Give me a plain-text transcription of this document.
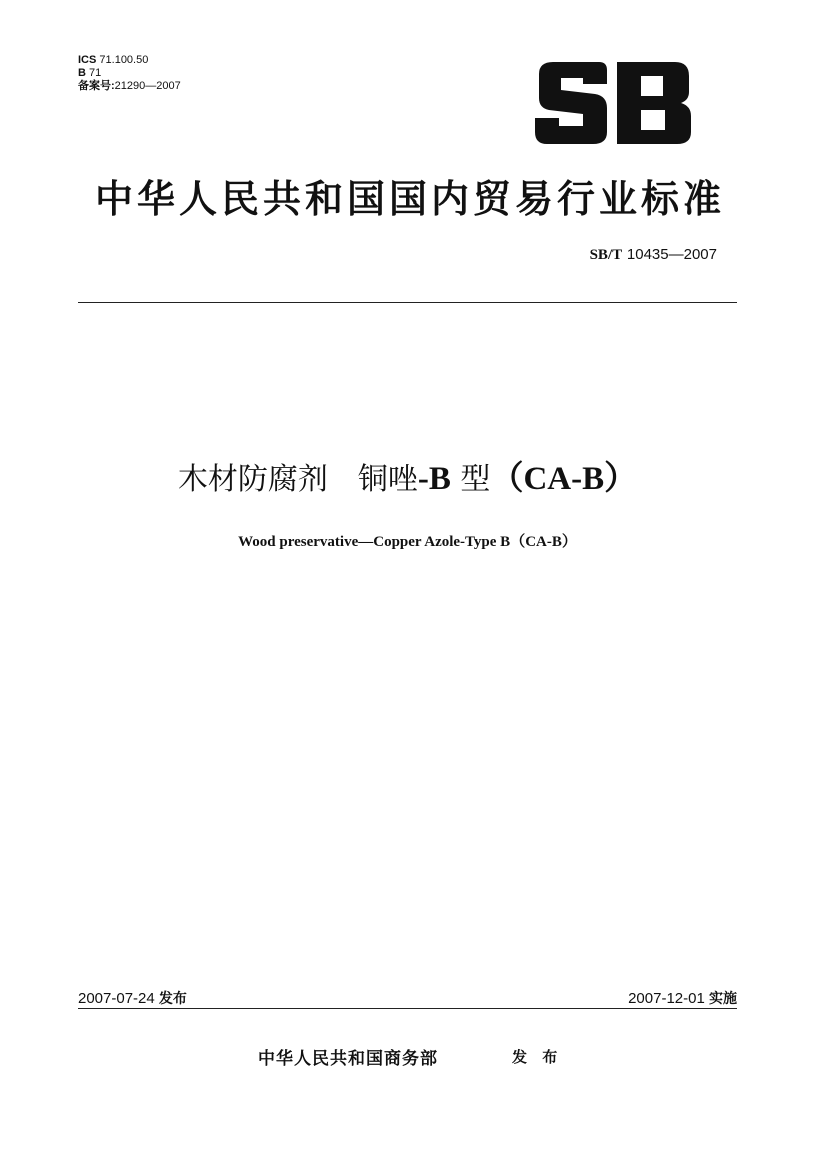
ICS 71.100.50
B 71
备案号:21290—2007
中华人民共和国国内贸易行业标准
SB/T 10435—2007
木材防腐剂　铜唑-B 型（CA-B）
Wood preservative—Copper Azole-Type B（CA-B）
2007-07-24 发布	2007-12-01 实施
中华人民共和国商务部	发 布
